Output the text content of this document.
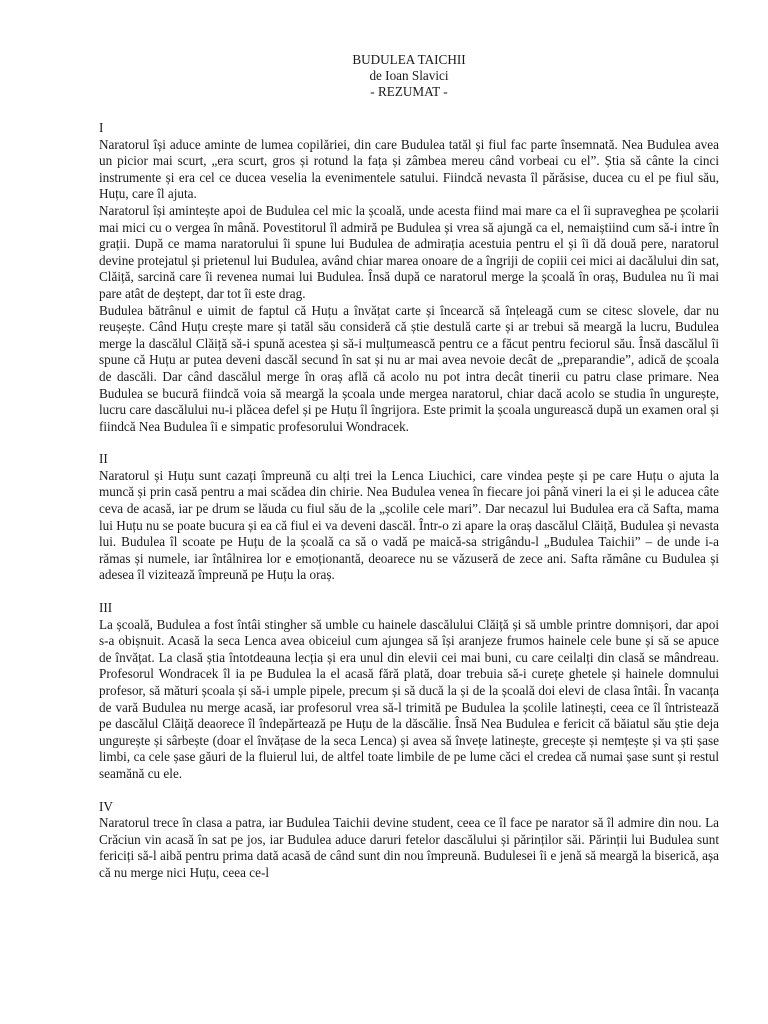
BUDULEA TAICHII
de Ioan Slavici
- REZUMAT -
I

Naratorul își aduce aminte de lumea copilăriei, din care Budulea tatăl și fiul fac parte însemnată. Nea Budulea avea un picior mai scurt, „era scurt, gros și rotund la fața și zâmbea mereu când vorbeai cu el”. Știa să cânte la cinci instrumente și era cel ce ducea veselia la evenimentele satului. Fiindcă nevasta îl părăsise, ducea cu el pe fiul său, Huțu, care îl ajuta.

Naratorul își amintește apoi de Budulea cel mic la școală, unde acesta fiind mai mare ca el îi supraveghea pe școlarii mai mici cu o vergea în mână. Povestitorul îl admiră pe Budulea și vrea să ajungă ca el, nemaiștiind cum să-i intre în grații. După ce mama naratorului îi spune lui Budulea de admirația acestuia pentru el și îi dă două pere, naratorul devine protejatul și prietenul lui Budulea, având chiar marea onoare de a îngriji de copiii cei mici ai dacălului din sat, Clăiță, sarcină care îi revenea numai lui Budulea. Însă după ce naratorul merge la școală în oraș, Budulea nu îi mai pare atât de deștept, dar tot îi este drag.

Budulea bătrânul e uimit de faptul că Huțu a învățat carte și încearcă să înțeleagă cum se citesc slovele, dar nu reușește. Când Huțu crește mare și tatăl său consideră că știe destulă carte și ar trebui să meargă la lucru, Budulea merge la dascălul Clăiță să-i spună acestea și să-i mulțumească pentru ce a făcut pentru feciorul său. Însă dascălul îi spune că Huțu ar putea deveni dascăl secund în sat și nu ar mai avea nevoie decât de „preparandie”, adică de școala de dascăli. Dar când dascălul merge în oraș află că acolo nu pot intra decât tinerii cu patru clase primare. Nea Budulea se bucură fiindcă voia să meargă la școala unde mergea naratorul, chiar dacă acolo se studia în ungurește, lucru care dascălului nu-i plăcea defel și pe Huțu îl îngrijora. Este primit la școala ungurească după un examen oral și fiindcă Nea Budulea îi e simpatic profesorului Wondracek.

II

Naratorul și Huțu sunt cazați împreună cu alți trei la Lenca Liuchici, care vindea pește și pe care Huțu o ajuta la muncă și prin casă pentru a mai scădea din chirie. Nea Budulea venea în fiecare joi până vineri la ei și le aducea câte ceva de acasă, iar pe drum se lăuda cu fiul său de la „școlile cele mari”. Dar necazul lui Budulea era că Safta, mama lui Huțu nu se poate bucura și ea că fiul ei va deveni dascăl. Într-o zi apare la oraș dascălul Clăiță, Budulea și nevasta lui. Budulea îl scoate pe Huțu de la școală ca să o vadă pe maică-sa strigându-l „Budulea Taichii” – de unde i-a rămas și numele, iar întâlnirea lor e emoționantă, deoarece nu se văzuseră de zece ani. Safta rămâne cu Budulea și adesea îl vizitează împreună pe Huțu la oraș.

III

La școală, Budulea a fost întâi stingher să umble cu hainele dascălului Clăiță și să umble printre domnișori, dar apoi s-a obișnuit. Acasă la seca Lenca avea obiceiul cum ajungea să își aranjeze frumos hainele cele bune și să se apuce de învățat. La clasă știa întotdeauna lecția și era unul din elevii cei mai buni, cu care ceilalți din clasă se mândreau. Profesorul Wondracek îl ia pe Budulea la el acasă fără plată, doar trebuia să-i curețe ghetele și hainele domnului profesor, să mături școala și să-i umple pipele, precum și să ducă la și de la școală doi elevi de clasa întâi. În vacanța de vară Budulea nu merge acasă, iar profesorul vrea să-l trimită pe Budulea la școlile latinești, ceea ce îl întristează pe dascălul Clăiță deaorece îl îndepărtează pe Huțu de la dăscălie. Însă Nea Budulea e fericit că băiatul său știe deja ungurește și sârbește (doar el învățase de la seca Lenca) și avea să învețe latinește, grecește și nemțește și va ști șase limbi, ca cele șase găuri de la fluierul lui, de altfel toate limbile de pe lume căci el credea că numai șase sunt și restul seamănă cu ele.

IV

Naratorul trece în clasa a patra, iar Budulea Taichii devine student, ceea ce îl face pe narator să îl admire din nou. La Crăciun vin acasă în sat pe jos, iar Budulea aduce daruri fetelor dascălului și părinților săi. Părinții lui Budulea sunt fericiți să-l aibă pentru prima dată acasă de când sunt din nou împreună. Budulesei îi e jenă să meargă la biserică, așa că nu merge nici Huțu, ceea ce-l
